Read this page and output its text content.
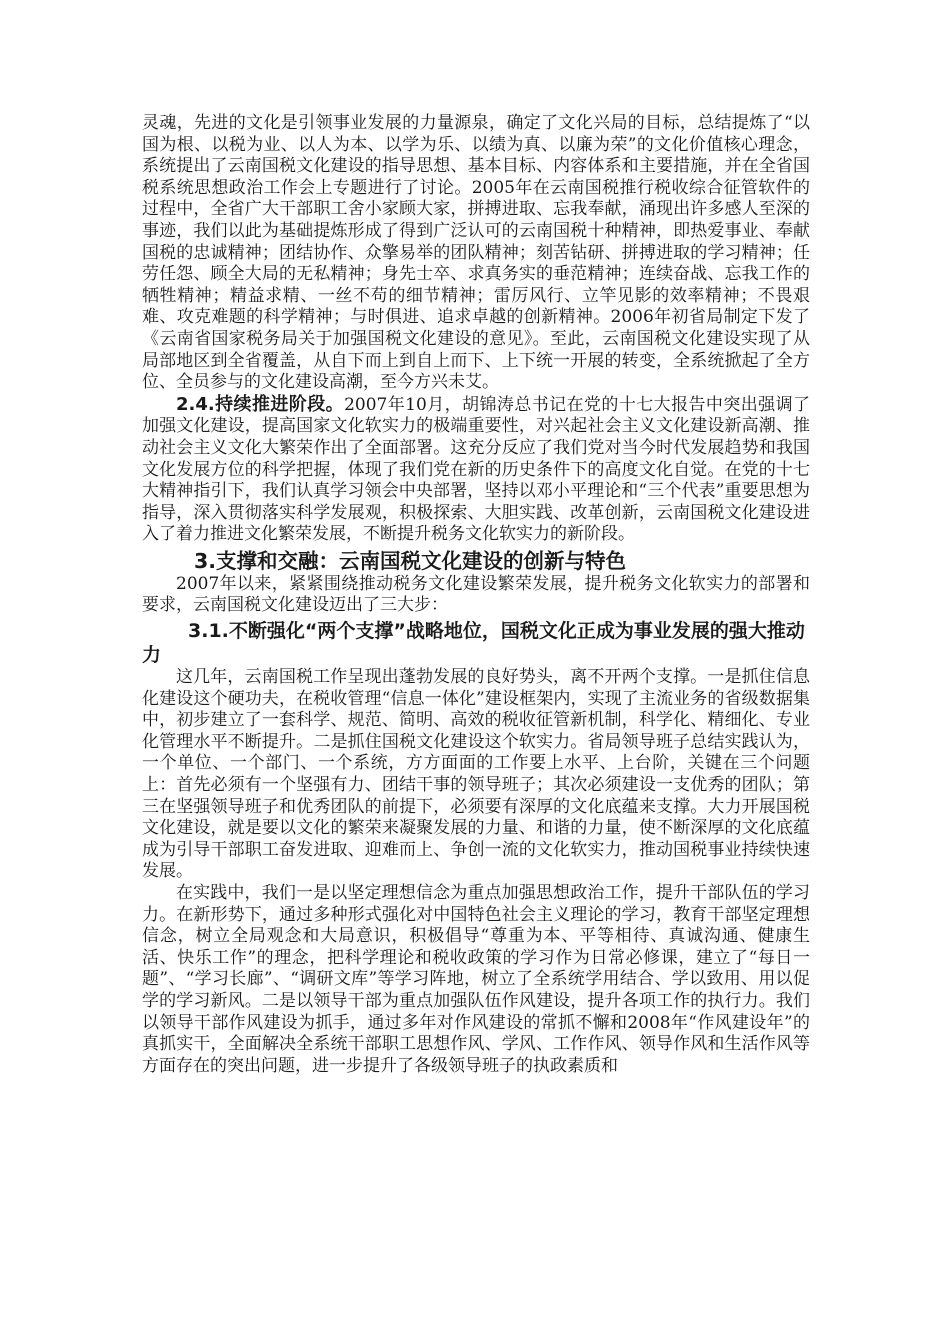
灵魂，先进的文化是引领事业发展的力量源泉，确定了文化兴局的目标，总结提炼了“以国为根、以税为业、以人为本、以学为乐、以绩为真、以廉为荣”的文化价值核心理念，系统提出了云南国税文化建设的指导思想、基本目标、内容体系和主要措施，并在全省国税系统思想政治工作会上专题进行了讨论。2005年在云南国税推行税收综合征管软件的过程中，全省广大干部职工舍小家顾大家，拼搏进取、忘我奉献，涌现出许多感人至深的事迹，我们以此为基础提炼形成了得到广泛认可的云南国税十种精神，即热爱事业、奉献国税的忠诚精神；团结协作、众擎易举的团队精神；刻苦钻研、拼搏进取的学习精神；任劳任怨、顾全大局的无私精神；身先士卒、求真务实的垂范精神；连续奋战、忘我工作的牺牲精神；精益求精、一丝不苟的细节精神；雷厉风行、立竿见影的效率精神；不畏艰难、攻克难题的科学精神；与时俱进、追求卓越的创新精神。2006年初省局制定下发了《云南省国家税务局关于加强国税文化建设的意见》。至此，云南国税文化建设实现了从局部地区到全省覆盖，从自下而上到自上而下、上下统一开展的转变，全系统掀起了全方位、全员参与的文化建设高潮，至今方兴未艾。

2.4.持续推进阶段。2007年10月，胡锦涛总书记在党的十七大报告中突出强调了加强文化建设，提高国家文化软实力的极端重要性，对兴起社会主义文化建设新高潮、推动社会主义文化大繁荣作出了全面部署。这充分反应了我们党对当今时代发展趋势和我国文化发展方位的科学把握，体现了我们党在新的历史条件下的高度文化自觉。在党的十七大精神指引下，我们认真学习领会中央部署，坚持以邓小平理论和“三个代表”重要思想为指导，深入贯彻落实科学发展观，积极探索、大胆实践、改革创新，云南国税文化建设进入了着力推进文化繁荣发展，不断提升税务文化软实力的新阶段。

3.支撑和交融：云南国税文化建设的创新与特色

2007年以来，紧紧围绕推动税务文化建设繁荣发展，提升税务文化软实力的部署和要求，云南国税文化建设迈出了三大步：

3.1.不断强化“两个支撑”战略地位，国税文化正成为事业发展的强大推动力

这几年，云南国税工作呈现出蓬勃发展的良好势头，离不开两个支撑。一是抓住信息化建设这个硬功夫，在税收管理“信息一体化”建设框架内，实现了主流业务的省级数据集中，初步建立了一套科学、规范、简明、高效的税收征管新机制，科学化、精细化、专业化管理水平不断提升。二是抓住国税文化建设这个软实力。省局领导班子总结实践认为，一个单位、一个部门、一个系统，方方面面的工作要上水平、上台阶，关键在三个问题上：首先必须有一个坚强有力、团结干事的领导班子；其次必须建设一支优秀的团队；第三在坚强领导班子和优秀团队的前提下，必须要有深厚的文化底蕴来支撑。大力开展国税文化建设，就是要以文化的繁荣来凝聚发展的力量、和谐的力量，使不断深厚的文化底蕴成为引导干部职工奋发进取、迎难而上、争创一流的文化软实力，推动国税事业持续快速发展。

在实践中，我们一是以坚定理想信念为重点加强思想政治工作，提升干部队伍的学习力。在新形势下，通过多种形式强化对中国特色社会主义理论的学习，教育干部坚定理想信念，树立全局观念和大局意识，积极倡导“尊重为本、平等相待、真诚沟通、健康生活、快乐工作”的理念，把科学理论和税收政策的学习作为日常必修课，建立了“每日一题”、“学习长廊”、“调研文库”等学习阵地，树立了全系统学用结合、学以致用、用以促学的学习新风。二是以领导干部为重点加强队伍作风建设，提升各项工作的执行力。我们以领导干部作风建设为抓手，通过多年对作风建设的常抓不懈和2008年“作风建设年”的真抓实干，全面解决全系统干部职工思想作风、学风、工作作风、领导作风和生活作风等方面存在的突出问题，进一步提升了各级领导班子的执政素质和
